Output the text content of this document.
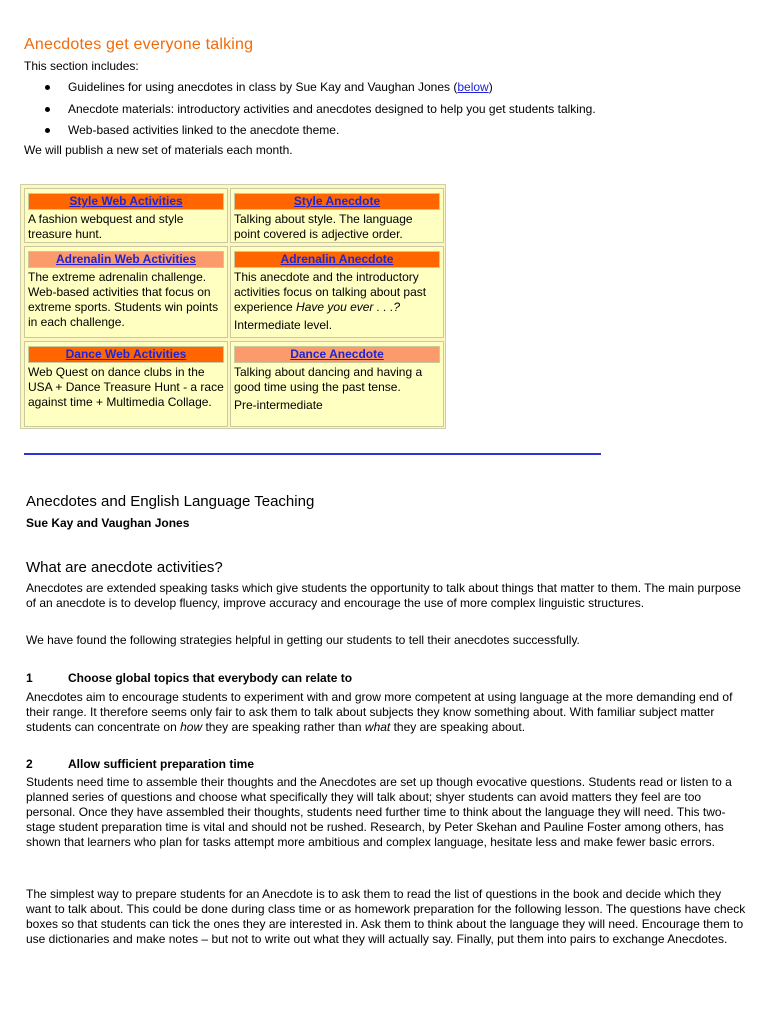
Anecdotes get everyone talking
This section includes:
Guidelines for using anecdotes in class by Sue Kay and Vaughan Jones (below)
Anecdote materials: introductory activities and anecdotes designed to help you get students talking.
Web-based activities linked to the anecdote theme.
We will publish a new set of materials each month.
Style Web Activities

A fashion webquest and style treasure hunt.

Style Anecdote

Talking about style. The language point covered is adjective order.

Adrenalin Web Activities

The extreme adrenalin challenge. Web-based activities that focus on extreme sports. Students win points in each challenge.

Adrenalin Anecdote

This anecdote and the introductory activities focus on talking about past experience Have you ever . . .?

Intermediate level.

Dance Web Activities

Web Quest on dance clubs in the USA + Dance Treasure Hunt - a race against time + Multimedia Collage.

Dance Anecdote

Talking about dancing and having a good time using the past tense.

Pre-intermediate

Anecdotes and English Language Teaching
Sue Kay and Vaughan Jones
What are anecdote activities?

Anecdotes are extended speaking tasks which give students the opportunity to talk about things that matter to them. The main purpose of an anecdote is to develop fluency, improve accuracy and encourage the use of more complex linguistic structures.

We have found the following strategies helpful in getting our students to tell their anecdotes successfully.

1	Choose global topics that everybody can relate to

Anecdotes aim to encourage students to experiment with and grow more competent at using language at the more demanding end of their range. It therefore seems only fair to ask them to talk about subjects they know something about. With familiar subject matter students can concentrate on how they are speaking rather than what they are speaking about.

2	Allow sufficient preparation time

Students need time to assemble their thoughts and the Anecdotes are set up though evocative questions. Students read or listen to a planned series of questions and choose what specifically they will talk about; shyer students can avoid matters they feel are too personal. Once they have assembled their thoughts, students need further time to think about the language they will need. This two-stage student preparation time is vital and should not be rushed. Research, by Peter Skehan and Pauline Foster among others, has shown that learners who plan for tasks attempt more ambitious and complex language, hesitate less and make fewer basic errors.

The simplest way to prepare students for an Anecdote is to ask them to read the list of questions in the book and decide which they want to talk about. This could be done during class time or as homework preparation for the following lesson. The questions have check boxes so that students can tick the ones they are interested in. Ask them to think about the language they will need. Encourage them to use dictionaries and make notes – but not to write out what they will actually say. Finally, put them into pairs to exchange Anecdotes.
